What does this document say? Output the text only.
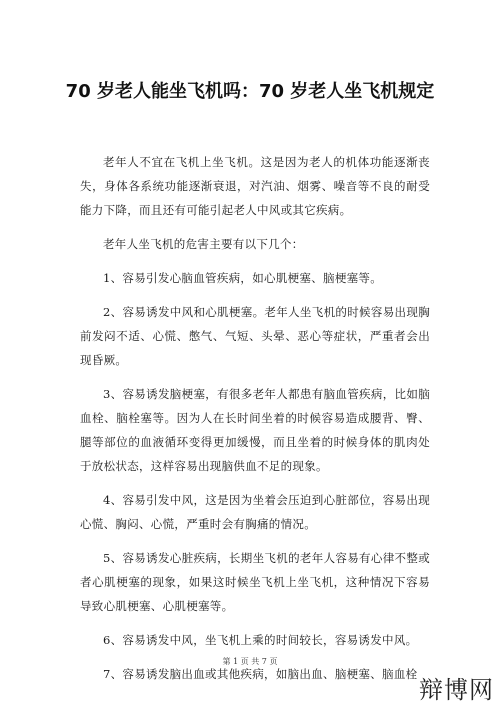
70 岁老人能坐飞机吗：70 岁老人坐飞机规定

老年人不宜在飞机上坐飞机。这是因为老人的机体功能逐渐丧失，身体各系统功能逐渐衰退，对汽油、烟雾、噪音等不良的耐受能力下降，而且还有可能引起老人中风或其它疾病。

老年人坐飞机的危害主要有以下几个：

1、容易引发心脑血管疾病，如心肌梗塞、脑梗塞等。

2、容易诱发中风和心肌梗塞。老年人坐飞机的时候容易出现胸前发闷不适、心慌、憋气、气短、头晕、恶心等症状，严重者会出现昏厥。

3、容易诱发脑梗塞，有很多老年人都患有脑血管疾病，比如脑血栓、脑栓塞等。因为人在长时间坐着的时候容易造成腰背、臀、腿等部位的血液循环变得更加缓慢，而且坐着的时候身体的肌肉处于放松状态，这样容易出现脑供血不足的现象。

4、容易引发中风，这是因为坐着会压迫到心脏部位，容易出现心慌、胸闷、心慌，严重时会有胸痛的情况。

5、容易诱发心脏疾病，长期坐飞机的老年人容易有心律不整或者心肌梗塞的现象，如果这时候坐飞机上坐飞机，这种情况下容易导致心肌梗塞、心肌梗塞等。

6、容易诱发中风，坐飞机上乘的时间较长，容易诱发中风。

7、容易诱发脑出血或其他疾病，如脑出血、脑梗塞、脑血栓

第 1 页 共 7 页
辩博网
